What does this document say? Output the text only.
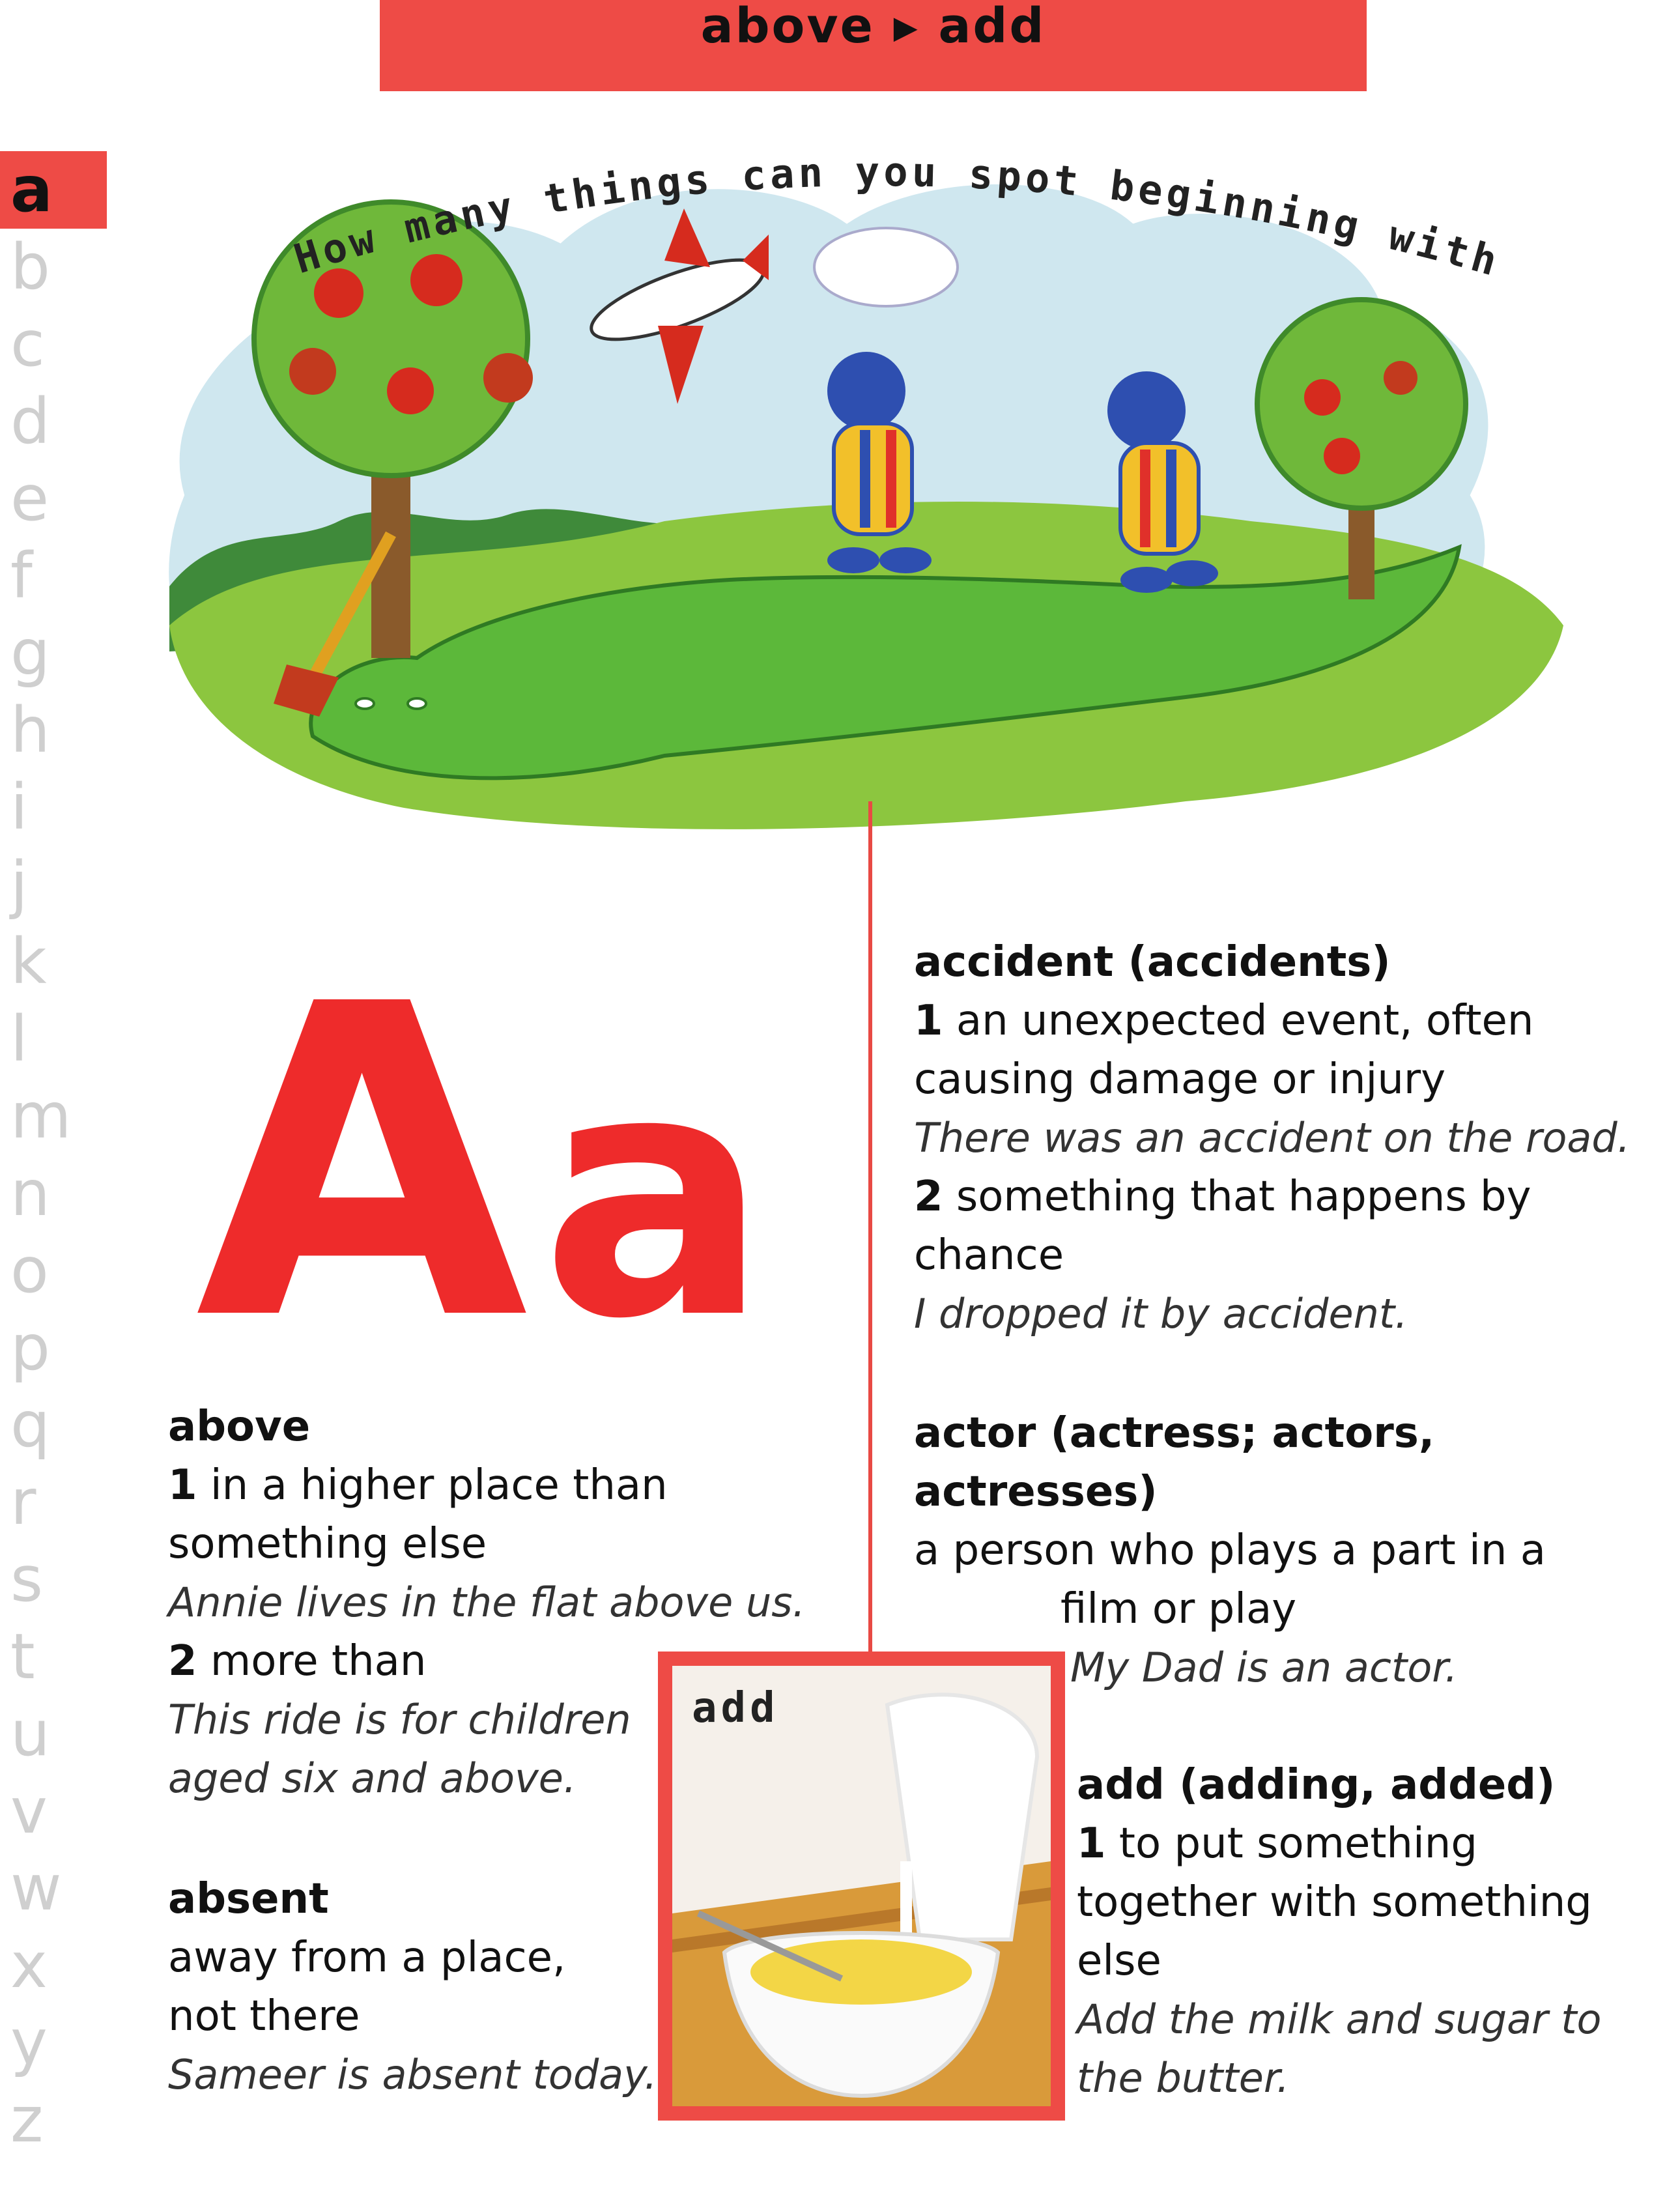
above ▸ add
a
b
c
d
e
f
g
h
i
j
k
l
m
n
o
p
q
r
s
t
u
v
w
x
y
z
How many things can you spot beginning with ‘a’?
A a
above
1 in a higher place than
something else
Annie lives in the flat above us.
2 more than
This ride is for children
aged six and above.
absent
away from a place,
not there
Sameer is absent today.
accident (accidents)
1 an unexpected event, often
causing damage or injury
There was an accident on the road.
2 something that happens by
chance
I dropped it by accident.
actor (actress; actors,
actresses)
a person who plays a part in a
film or play
My Dad is an actor.
add (adding, added)
1 to put something
together with something
else
Add the milk and sugar to
the butter.
add
